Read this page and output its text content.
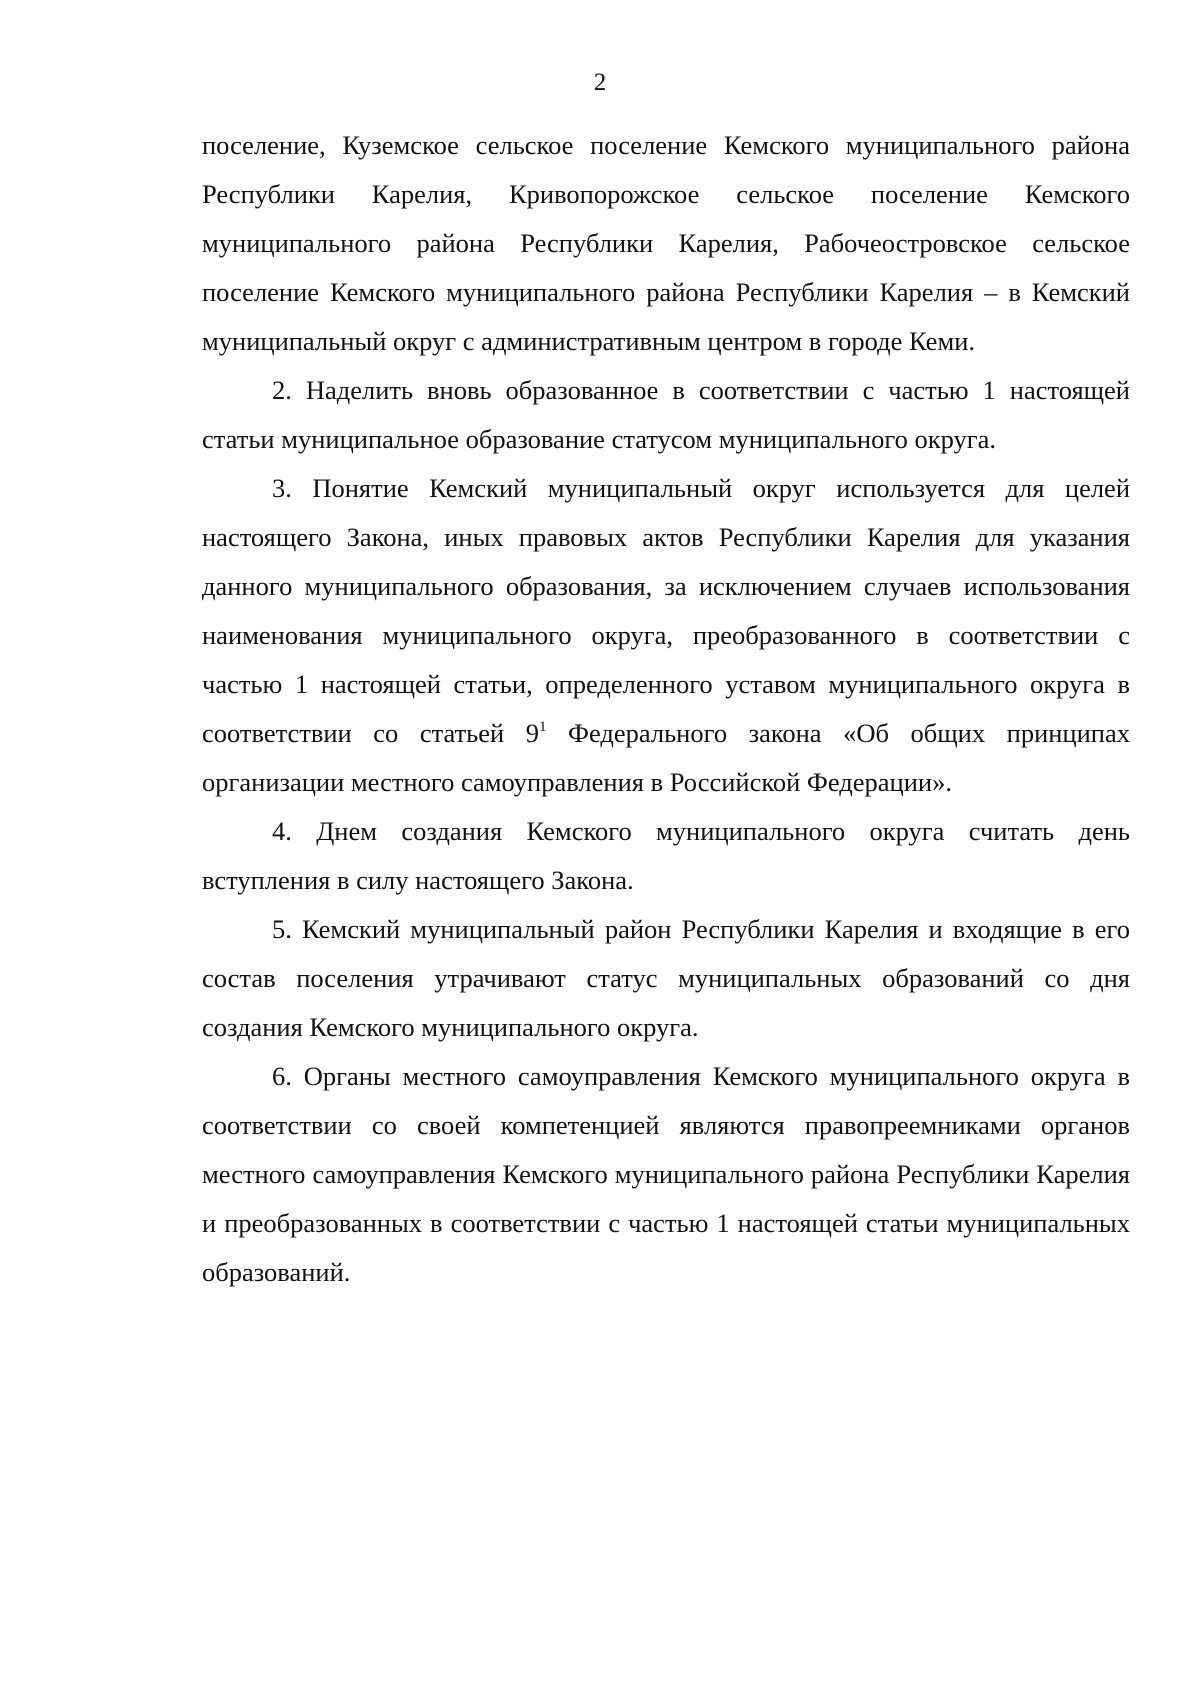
2

поселение, Куземское сельское поселение Кемского муниципального района Республики Карелия, Кривопорожское сельское поселение Кемского муниципального района Республики Карелия, Рабочеостровское сельское поселение Кемского муниципального района Республики Карелия – в Кемский муниципальный округ с административным центром в городе Кеми.

2. Наделить вновь образованное в соответствии с частью 1 настоящей статьи муниципальное образование статусом муниципального округа.

3. Понятие Кемский муниципальный округ используется для целей настоящего Закона, иных правовых актов Республики Карелия для указания данного муниципального образования, за исключением случаев использования наименования муниципального округа, преобразованного в соответствии с частью 1 настоящей статьи, определенного уставом муниципального округа в соответствии со статьей $9^1$ Федерального закона «Об общих принципах организации местного самоуправления в Российской Федерации».

4. Днем создания Кемского муниципального округа считать день вступления в силу настоящего Закона.

5. Кемский муниципальный район Республики Карелия и входящие в его состав поселения утрачивают статус муниципальных образований со дня создания Кемского муниципального округа.

6. Органы местного самоуправления Кемского муниципального округа в соответствии со своей компетенцией являются правопреемниками органов местного самоуправления Кемского муниципального района Республики Карелия и преобразованных в соответствии с частью 1 настоящей статьи муниципальных образований.
